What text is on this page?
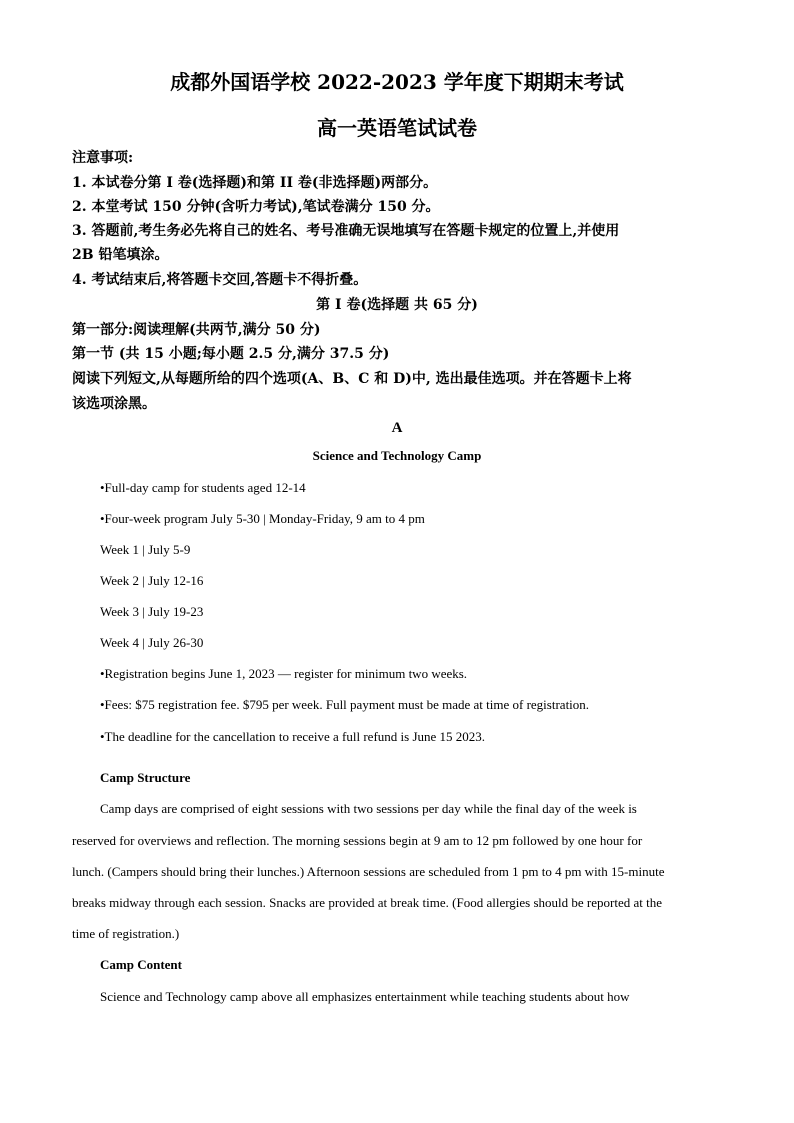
成都外国语学校 2022-2023 学年度下期期末考试
高一英语笔试试卷
注意事项:
1. 本试卷分第 I 卷(选择题)和第 II 卷(非选择题)两部分。
2. 本堂考试 150 分钟(含听力考试),笔试卷满分 150 分。
3. 答题前,考生务必先将自己的姓名、考号准确无误地填写在答题卡规定的位置上,并使用
2B 铅笔填涂。
4. 考试结束后,将答题卡交回,答题卡不得折叠。
第 I 卷(选择题 共 65 分)
第一部分:阅读理解(共两节,满分 50 分)
第一节 (共 15 小题;每小题 2.5 分,满分 37.5 分)
阅读下列短文,从每题所给的四个选项(A、B、C 和 D)中, 选出最佳选项。并在答题卡上将
该选项涂黑。
A
Science and Technology Camp
•Full-day camp for students aged 12-14
•Four-week program July 5-30 | Monday-Friday, 9 am to 4 pm
Week 1 | July 5-9
Week 2 | July 12-16
Week 3 | July 19-23
Week 4 | July 26-30
•Registration begins June 1, 2023 — register for minimum two weeks.
•Fees: $75 registration fee. $795 per week. Full payment must be made at time of registration.
•The deadline for the cancellation to receive a full refund is June 15 2023.
Camp Structure
Camp days are comprised of eight sessions with two sessions per day while the final day of the week is
reserved for overviews and reflection. The morning sessions begin at 9 am to 12 pm followed by one hour for
lunch. (Campers should bring their lunches.) Afternoon sessions are scheduled from 1 pm to 4 pm with 15-minute
breaks midway through each session. Snacks are provided at break time. (Food allergies should be reported at the
time of registration.)
Camp Content
Science and Technology camp above all emphasizes entertainment while teaching students about how
